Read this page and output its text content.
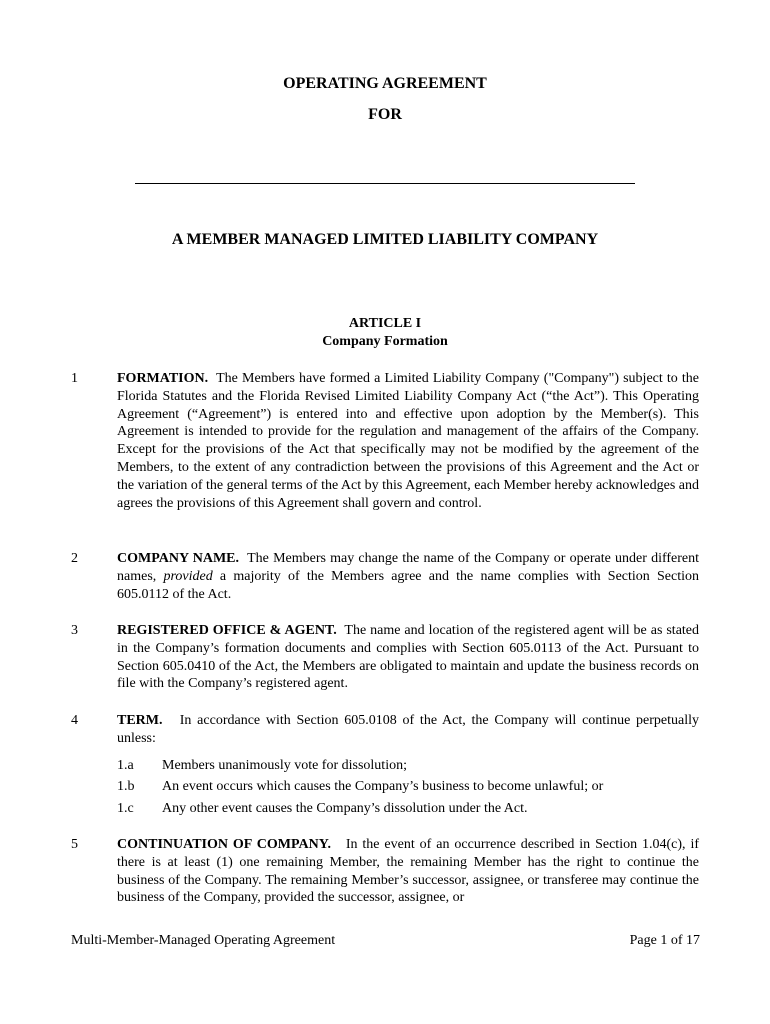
OPERATING AGREEMENT
FOR
A MEMBER MANAGED LIMITED LIABILITY COMPANY
ARTICLE I
Company Formation
1	FORMATION. The Members have formed a Limited Liability Company ("Company") subject to the Florida Statutes and the Florida Revised Limited Liability Company Act (“the Act”). This Operating Agreement (“Agreement”) is entered into and effective upon adoption by the Member(s). This Agreement is intended to provide for the regulation and management of the affairs of the Company. Except for the provisions of the Act that specifically may not be modified by the agreement of the Members, to the extent of any contradiction between the provisions of this Agreement and the Act or the variation of the general terms of the Act by this Agreement, each Member hereby acknowledges and agrees the provisions of this Agreement shall govern and control.
2	COMPANY NAME. The Members may change the name of the Company or operate under different names, provided a majority of the Members agree and the name complies with Section Section 605.0112 of the Act.
3	REGISTERED OFFICE & AGENT. The name and location of the registered agent will be as stated in the Company’s formation documents and complies with Section 605.0113 of the Act. Pursuant to Section 605.0410 of the Act, the Members are obligated to maintain and update the business records on file with the Company’s registered agent.
4	TERM. In accordance with Section 605.0108 of the Act, the Company will continue perpetually unless:
1.a Members unanimously vote for dissolution;
1.b An event occurs which causes the Company’s business to become unlawful; or
1.c Any other event causes the Company’s dissolution under the Act.
5	CONTINUATION OF COMPANY. In the event of an occurrence described in Section 1.04(c), if there is at least (1) one remaining Member, the remaining Member has the right to continue the business of the Company. The remaining Member’s successor, assignee, or transferee may continue the business of the Company, provided the successor, assignee, or
Multi-Member-Managed Operating Agreement	Page 1 of 17
